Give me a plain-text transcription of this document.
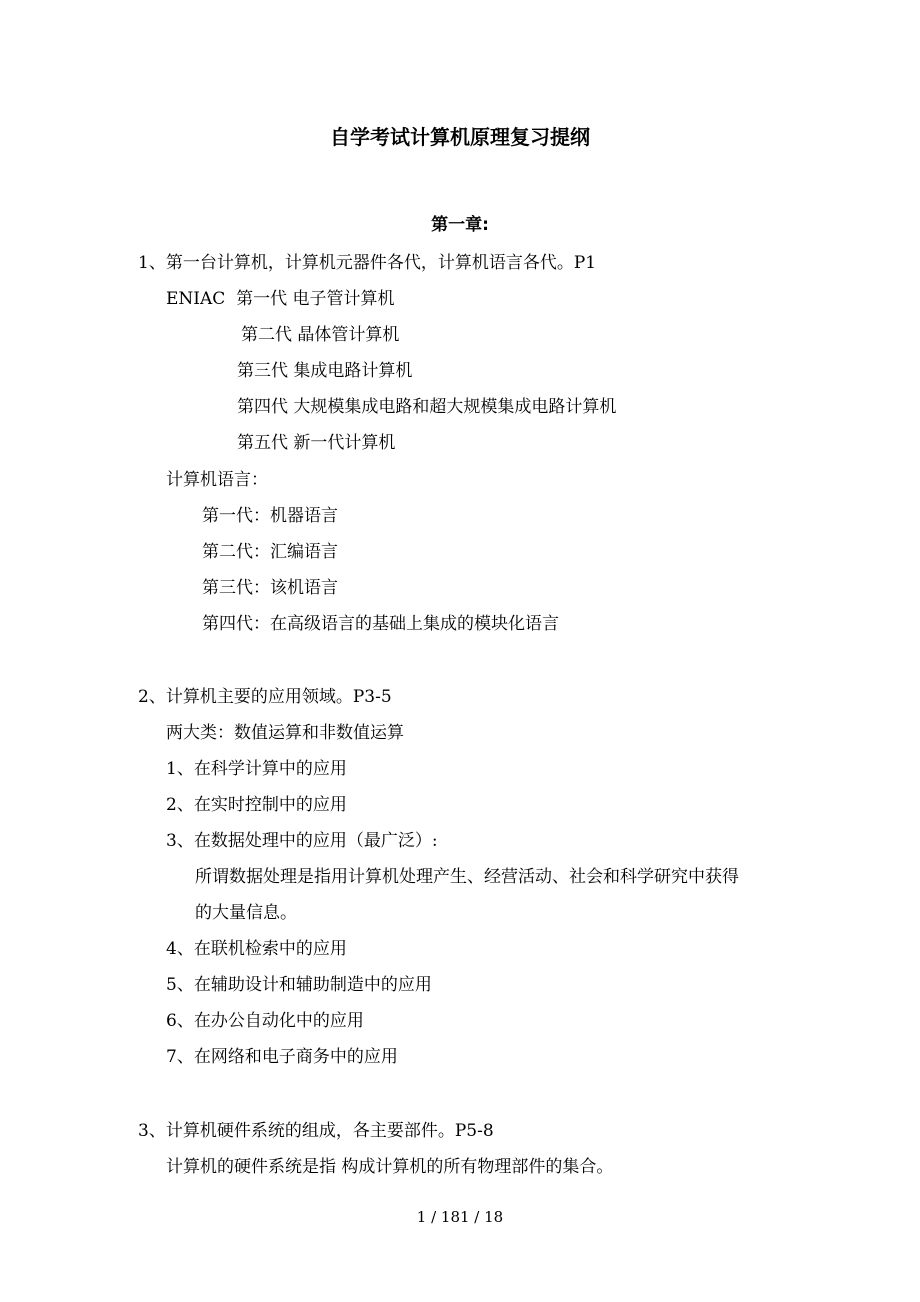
自学考试计算机原理复习提纲
第一章:
1、第一台计算机，计算机元器件各代，计算机语言各代。P1
ENIAC  第一代 电子管计算机
第二代 晶体管计算机
第三代 集成电路计算机
第四代 大规模集成电路和超大规模集成电路计算机
第五代 新一代计算机
计算机语言：
第一代：机器语言
第二代：汇编语言
第三代：该机语言
第四代：在高级语言的基础上集成的模块化语言
2、计算机主要的应用领域。P3-5
两大类：数值运算和非数值运算
1、在科学计算中的应用
2、在实时控制中的应用
3、在数据处理中的应用（最广泛）:
所谓数据处理是指用计算机处理产生、经营活动、社会和科学研究中获得
的大量信息。
4、在联机检索中的应用
5、在辅助设计和辅助制造中的应用
6、在办公自动化中的应用
7、在网络和电子商务中的应用
3、计算机硬件系统的组成，各主要部件。P5-8
计算机的硬件系统是指 构成计算机的所有物理部件的集合。
1 / 181 / 18
